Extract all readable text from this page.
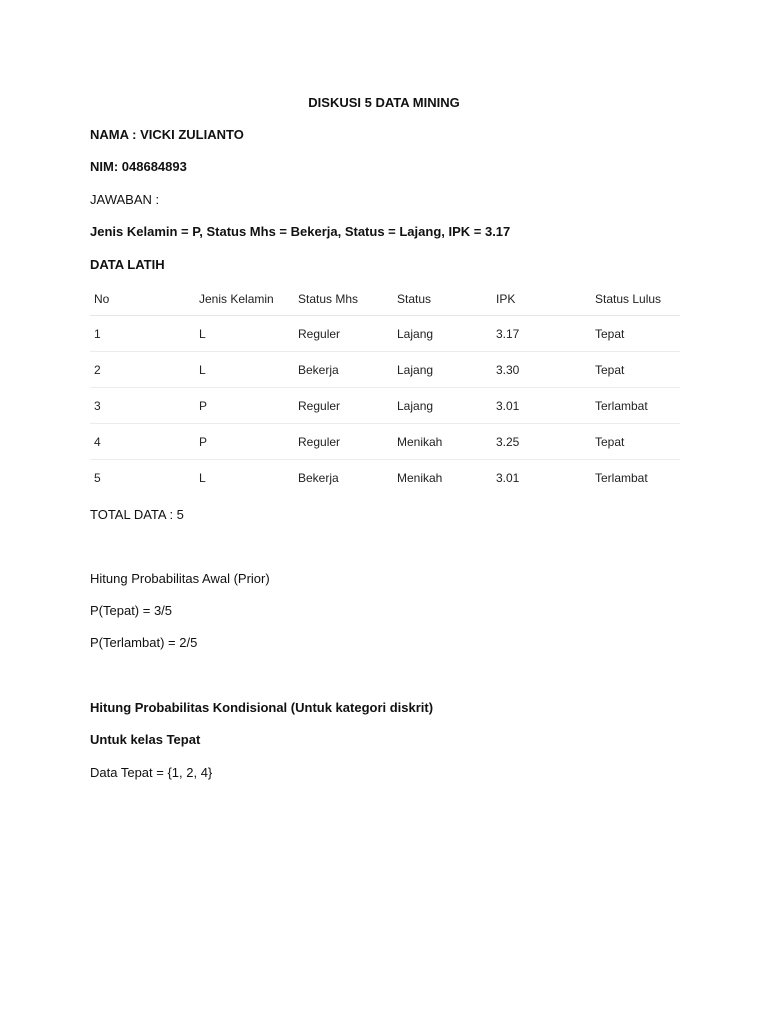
DISKUSI 5 DATA MINING
NAMA : VICKI ZULIANTO
NIM: 048684893
JAWABAN :
Jenis Kelamin = P, Status Mhs = Bekerja, Status = Lajang, IPK = 3.17
DATA LATIH
No	Jenis Kelamin	Status Mhs	Status	IPK	Status Lulus
1	L	Reguler	Lajang	3.17	Tepat
2	L	Bekerja	Lajang	3.30	Tepat
3	P	Reguler	Lajang	3.01	Terlambat
4	P	Reguler	Menikah	3.25	Tepat
5	L	Bekerja	Menikah	3.01	Terlambat
TOTAL DATA : 5
Hitung Probabilitas Awal (Prior)
P(Tepat) = 3/5
P(Terlambat) = 2/5
Hitung Probabilitas Kondisional (Untuk kategori diskrit)
Untuk kelas Tepat
Data Tepat = {1, 2, 4}
